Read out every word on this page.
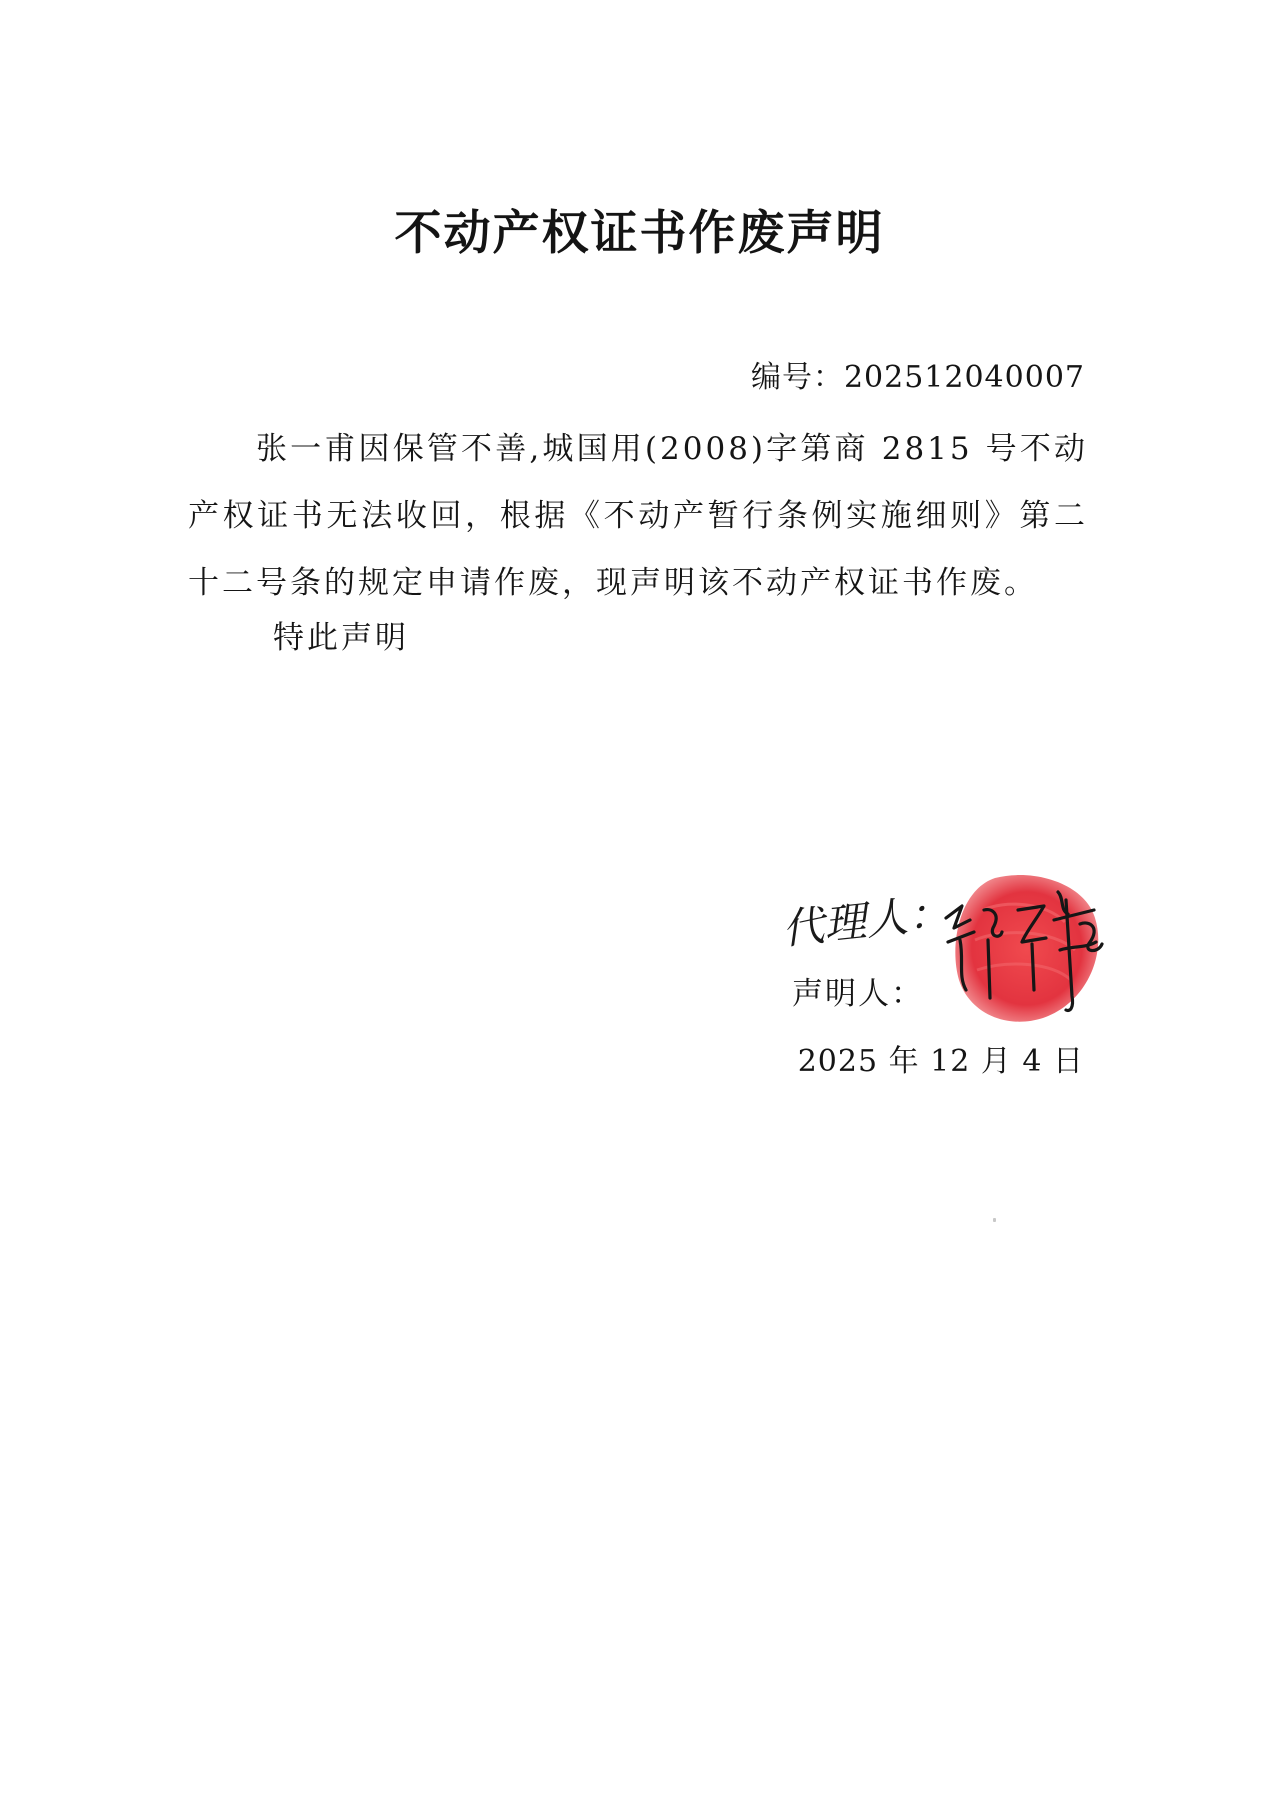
不动产权证书作废声明
编号：202512040007
张一甫因保管不善,城国用(2008)字第商 2815 号不动产权证书无法收回，根据《不动产暂行条例实施细则》第二十二号条的规定申请作废，现声明该不动产权证书作废。
特此声明
代理人：
声明人：
2025 年 12 月 4 日
